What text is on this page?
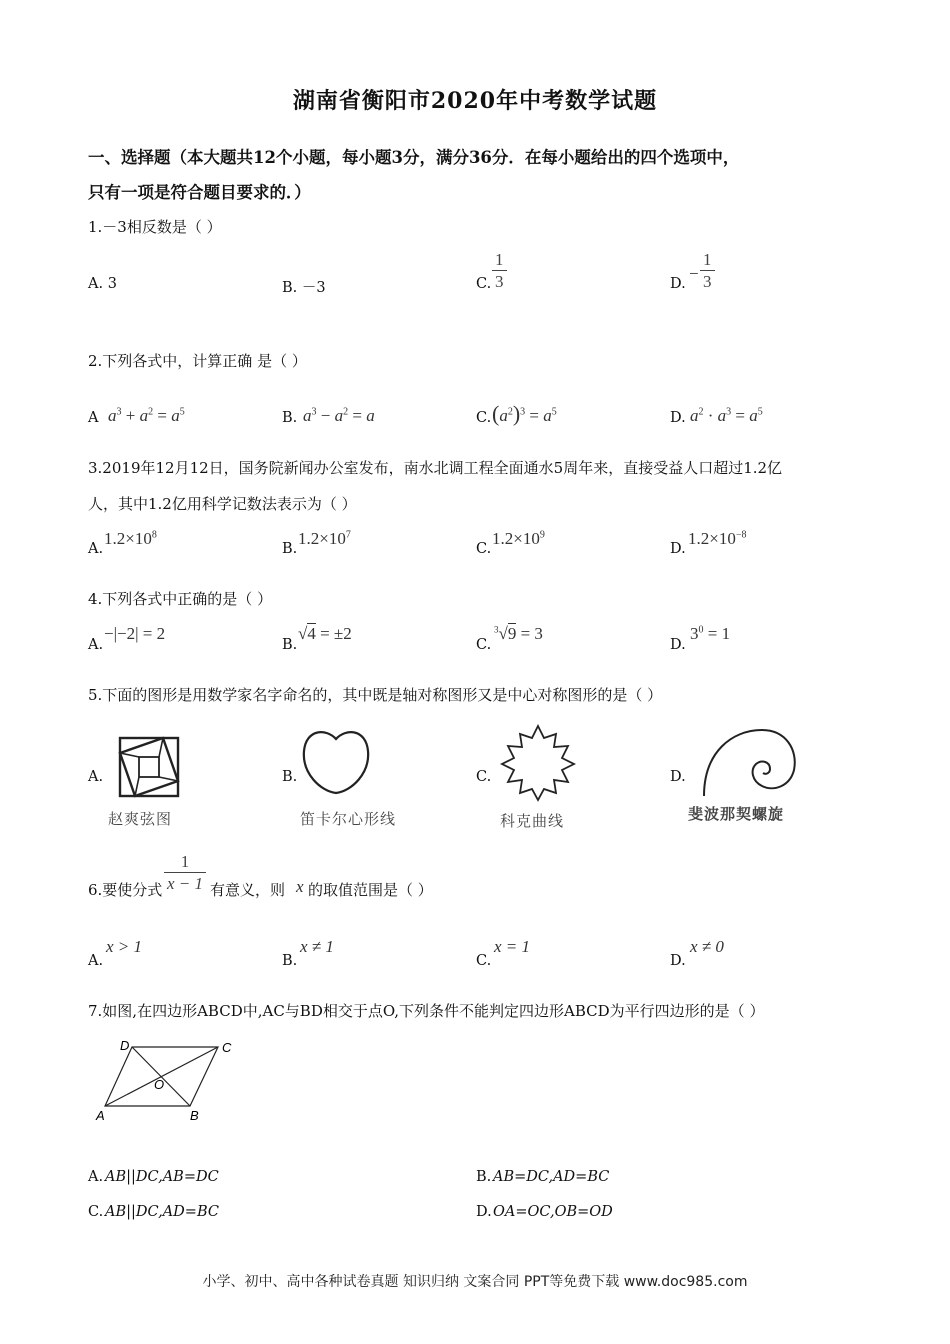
湖南省衡阳市2020年中考数学试题
一、选择题（本大题共12个小题，每小题3分，满分36分．在每小题给出的四个选项中，
只有一项是符合题目要求的．）
1.－3相反数是（ ）
A. 3	B. －3	C. $\frac{1}{3}$	D.
− $\frac{1}{3}$
2.下列各式中，计算正确 是（ ）
A $a^3 + a^2 = a^5$	B. $a^3 - a^2 = a$	C. $(a^2)^3 = a^5$	D. $a^2 \cdot a^3 = a^5$
3.2019年12月12日，国务院新闻办公室发布，南水北调工程全面通水5周年来，直接受益人口超过1.2亿
人，其中1.2亿用科学记数法表示为（ ）
A.
$1.2\times 10^8$
B.
$1.2\times 10^7$
C.
$1.2\times 10^9$
D.
$1.2\times 10^{-8}$
4.下列各式中正确的是（ ）
A.
−|−2| = 2
B.
√4 = ±2
C.
$^3$√9 = 3
D.
$3^0 = 1$
5.下面的图形是用数学家名字命名的，其中既是轴对称图形又是中心对称图形的是（ ）
A.
赵爽弦图
B.
笛卡尔心形线
C.
科克曲线
D.
斐波那契螺旋
6.要使分式 $\frac{1}{x - 1}$ 有意义，则 x 的取值范围是（ ）
A.
x > 1
B.
x ≠ 1
C.
x = 1
D.
x ≠ 0
7.如图,在四边形ABCD中,AC与BD相交于点O,下列条件不能判定四边形ABCD为平行四边形的是（ ）
D	C
O
A	B
A. AB||DC,AB=DC	B. AB=DC,AD=BC
C. AB||DC,AD=BC	D. OA=OC,OB=OD
小学、初中、高中各种试卷真题 知识归纳 文案合同 PPT等免费下载 www.doc985.com
